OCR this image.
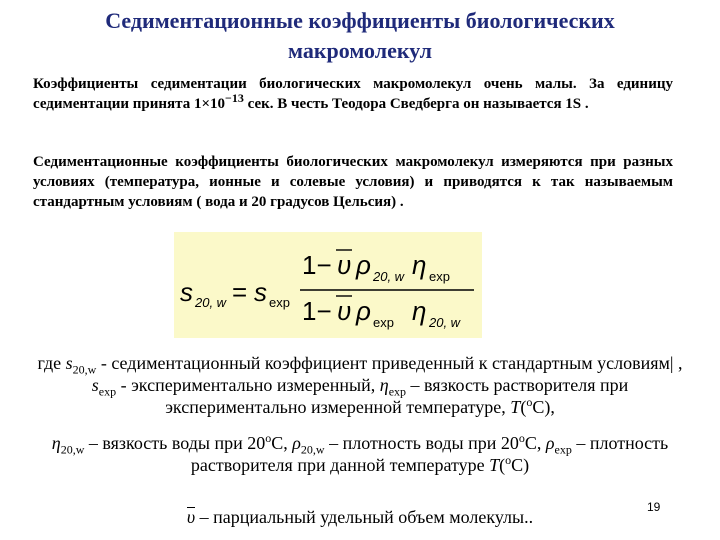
Седиментационные коэффициенты биологических макромолекул
Коэффициенты седиментации биологических макромолекул очень малы. За единицу седиментации принята $1\times 10^{-13}$ сек. В честь Теодора Сведберга он называется 1S .
Седиментационные коэффициенты биологических макромолекул измеряются при разных условиях (температура, ионные и солевые условия) и приводятся к так называемым стандартным условиям ( вода и 20 градусов Цельсия) .
s 20, w = s exp
1− υ ρ 20, w η exp
1− υ ρ exp η 20, w
где $s_{20,w}$ - седиментационный коэффициент приведенный к стандартным условиям| , $s_{exp}$ - экспериментально измеренный, $\eta_{exp}$ – вязкость растворителя при экспериментально измеренной температуре, T($^o$С),
$\eta_{20,w}$ – вязкость воды при 20$^o$С, $\rho_{20,w}$ – плотность воды при 20$^o$С, $\rho_{exp}$ – плотность растворителя при данной температуре T($^o$С)
υ – парциальный удельный объем молекулы..	19
